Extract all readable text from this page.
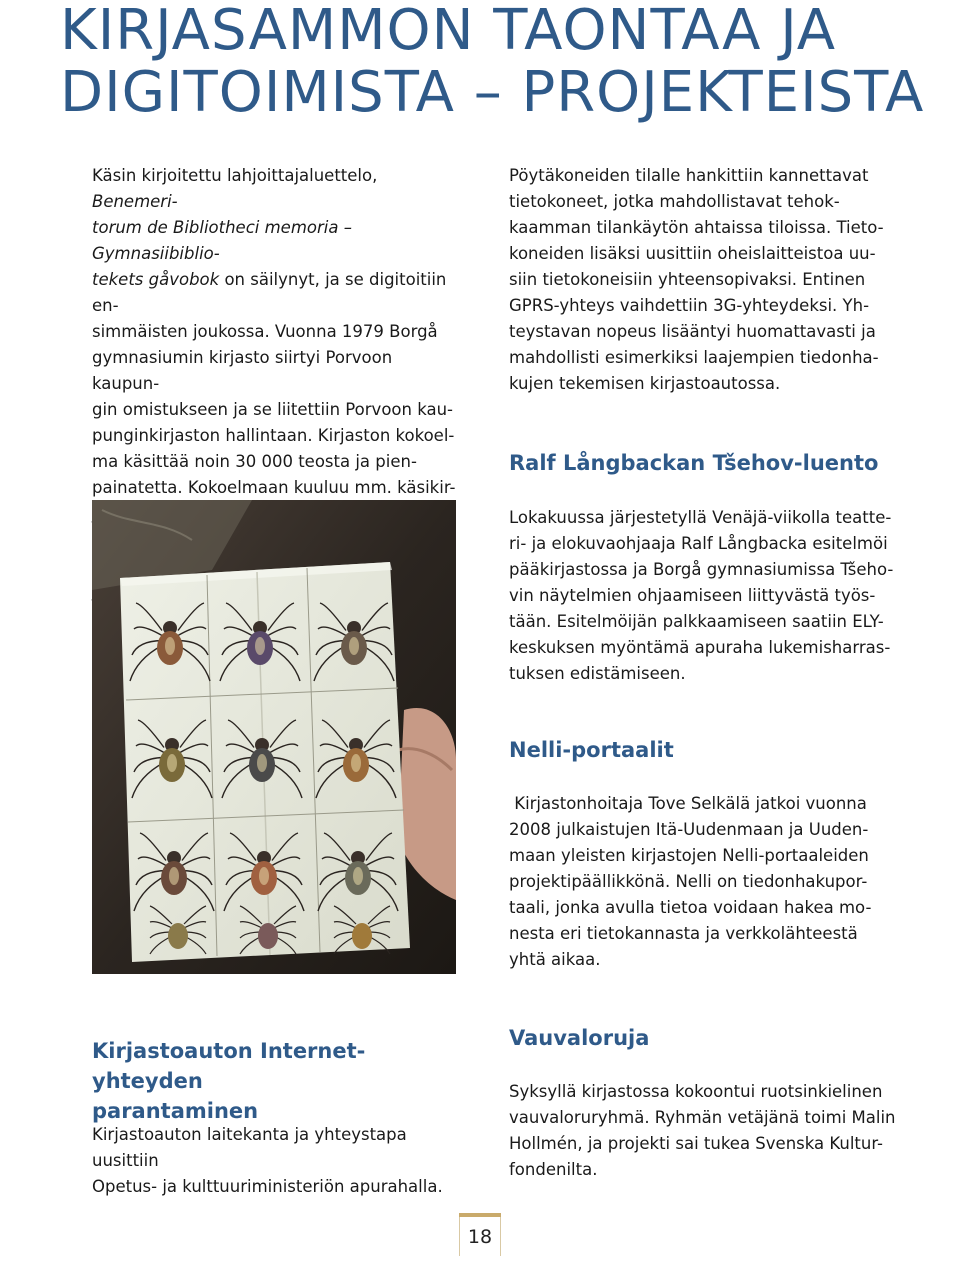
KIRJASAMMON TAONTAA JA
DIGITOIMISTA – PROJEKTEISTA

Käsin kirjoitettu lahjoittajaluettelo, Benemeri-

torum de Bibliotheci memoria – Gymnasiibiblio-

tekets gåvobok on säilynyt, ja se digitoitiin en-

simmäisten joukossa. Vuonna 1979 Borgå

gymnasiumin kirjasto siirtyi Porvoon kaupun-

gin omistukseen ja se liitettiin Porvoon kau-

punginkirjaston hallintaan. Kirjaston kokoel-

ma käsittää noin 30 000 teosta ja pien-

painatetta. Kokoelmaan kuuluu mm. käsikir-

Pöytäkoneiden tilalle hankittiin kannettavat

tietokoneet, jotka mahdollistavat tehok-

kaamman tilankäytön ahtaissa tiloissa. Tieto-

koneiden lisäksi uusittiin oheislaitteistoa uu-

siin tietokoneisiin yhteensopivaksi. Entinen

GPRS-yhteys vaihdettiin 3G-yhteydeksi. Yh-

teystavan nopeus lisääntyi huomattavasti ja

mahdollisti esimerkiksi laajempien tiedonha-

kujen tekemisen kirjastoautossa.

Ralf Långbackan Tšehov-luento

Lokakuussa järjestetyllä Venäjä-viikolla teatte-

ri- ja elokuvaohjaaja Ralf Långbacka esitelmöi

pääkirjastossa ja Borgå gymnasiumissa Tšeho-

vin näytelmien ohjaamiseen liittyvästä työs-

tään. Esitelmöijän palkkaamiseen saatiin ELY-

keskuksen myöntämä apuraha lukemisharras-

tuksen edistämiseen.

Nelli-portaalit

Kirjastonhoitaja Tove Selkälä jatkoi vuonna

2008 julkaistujen Itä-Uudenmaan ja Uuden-

maan yleisten kirjastojen Nelli-portaaleiden

projektipäällikkönä. Nelli on tiedonhakupor-

taali, jonka avulla tietoa voidaan hakea mo-

nesta eri tietokannasta ja verkkolähteestä

yhtä aikaa.

Kirjastoauton Internet-yhteyden
parantaminen

Kirjastoauton laitekanta ja yhteystapa uusittiin

Opetus- ja kulttuuriministeriön apurahalla.

Vauvaloruja

Syksyllä kirjastossa kokoontui ruotsinkielinen

vauvaloruryhmä. Ryhmän vetäjänä toimi Malin

Hollmén, ja projekti sai tukea Svenska Kultur-

fondenilta.

18
